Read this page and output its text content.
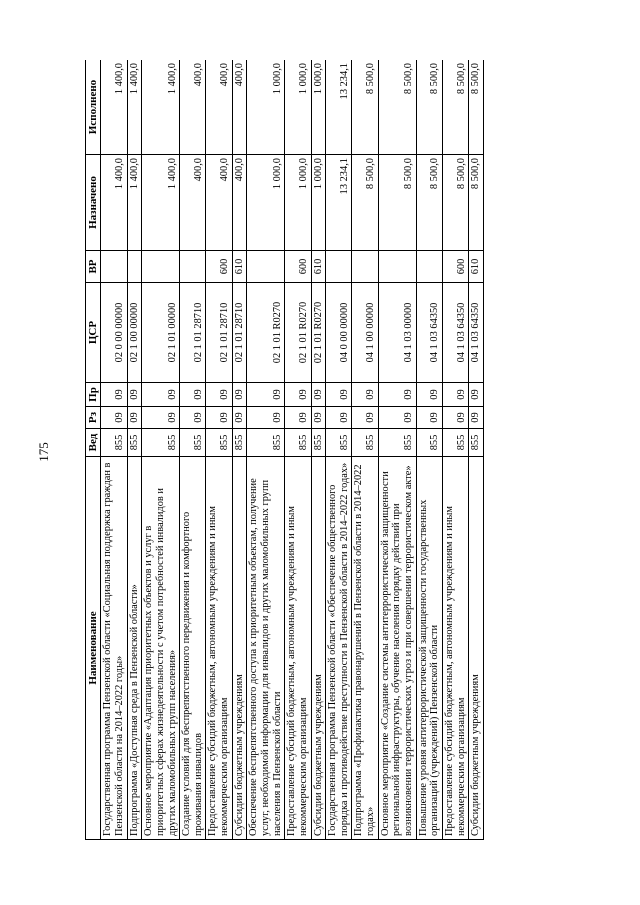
175
Наименование	Вед	Рз	Пр	ЦСР	ВР	Назначено	Исполнено
Государственная программа Пензенской области «Социальная поддержка граждан в Пензенской области на 2014–2022 годы»	855	09	09	02 0 00 00000		1 400,0	1 400,0
Подпрограмма «Доступная среда в Пензенской области»	855	09	09	02 1 00 00000		1 400,0	1 400,0
Основное мероприятие «Адаптация приоритетных объектов и услуг в приоритетных сферах жизнедеятельности с учетом потребностей инвалидов и других маломобильных групп населения»	855	09	09	02 1 01 00000		1 400,0	1 400,0
Создание условий для беспрепятственного передвижения и комфортного проживания инвалидов	855	09	09	02 1 01 28710		400,0	400,0
Предоставление субсидий бюджетным, автономным учреждениям и иным некоммерческим организациям	855	09	09	02 1 01 28710	600	400,0	400,0
Субсидии бюджетным учреждениям	855	09	09	02 1 01 28710	610	400,0	400,0
Обеспечение беспрепятственного доступа к приоритетным объектам, получение услуг, необходимой информации для инвалидов и других маломобильных групп населения в Пензенской области	855	09	09	02 1 01 R0270		1 000,0	1 000,0
Предоставление субсидий бюджетным, автономным учреждениям и иным некоммерческим организациям	855	09	09	02 1 01 R0270	600	1 000,0	1 000,0
Субсидии бюджетным учреждениям	855	09	09	02 1 01 R0270	610	1 000,0	1 000,0
Государственная программа Пензенской области «Обеспечение общественного порядка и противодействие преступности в Пензенской области в 2014–2022 годах»	855	09	09	04 0 00 00000		13 234,1	13 234,1
Подпрограмма «Профилактика правонарушений в Пензенской области в 2014–2022 годах»	855	09	09	04 1 00 00000		8 500,0	8 500,0
Основное мероприятие «Создание системы антитеррористической защищенности региональной инфраструктуры, обучение населения порядку действий при возникновении террористических угроз и при совершении террористическом акте»	855	09	09	04 1 03 00000		8 500,0	8 500,0
Повышение уровня антитеррористической защищенности государственных организаций (учреждений) Пензенской области	855	09	09	04 1 03 64350		8 500,0	8 500,0
Предоставление субсидий бюджетным, автономным учреждениям и иным некоммерческим организациям	855	09	09	04 1 03 64350	600	8 500,0	8 500,0
Субсидии бюджетным учреждениям	855	09	09	04 1 03 64350	610	8 500,0	8 500,0
